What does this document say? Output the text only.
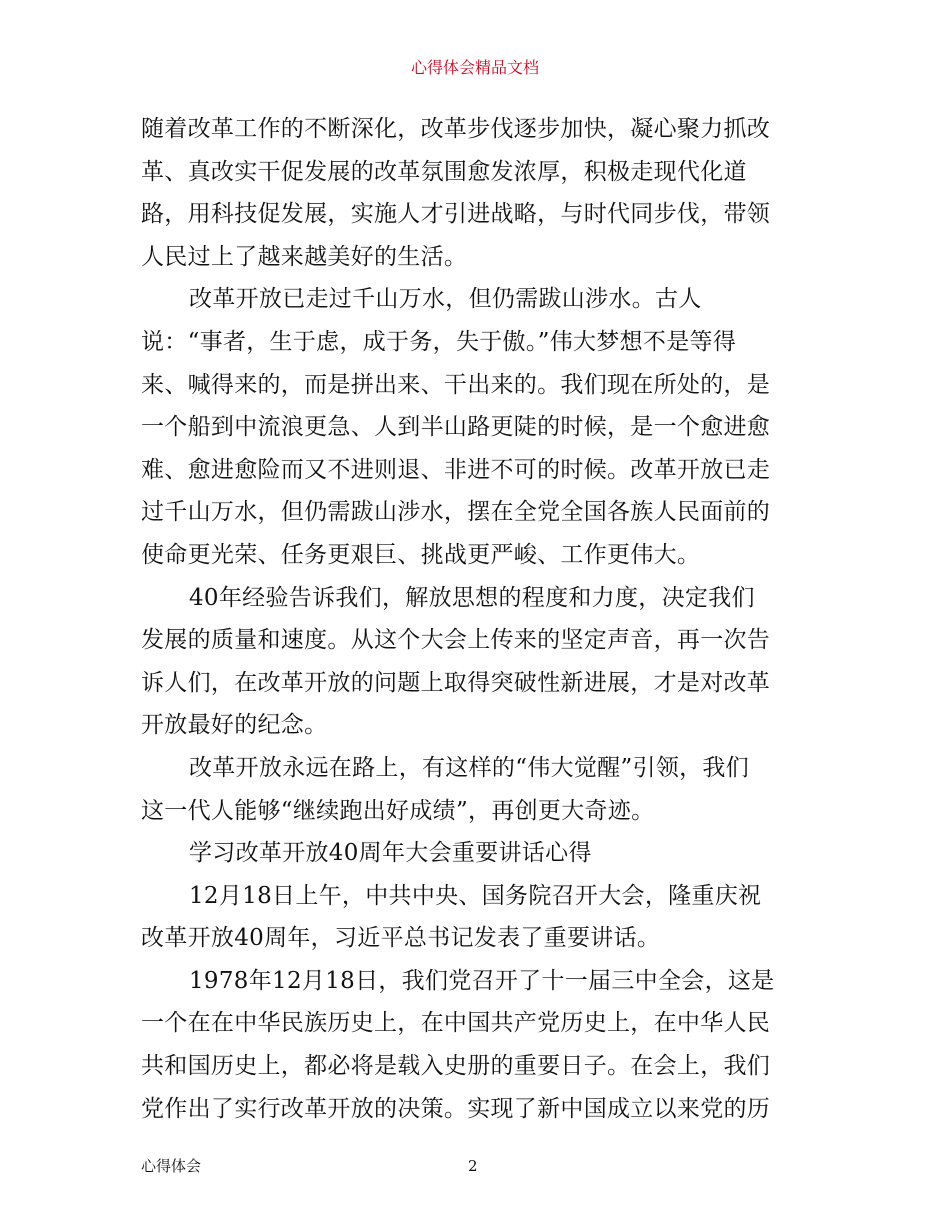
心得体会精品文档
随着改革工作的不断深化，改革步伐逐步加快，凝心聚力抓改
革、真改实干促发展的改革氛围愈发浓厚，积极走现代化道
路，用科技促发展，实施人才引进战略，与时代同步伐，带领
人民过上了越来越美好的生活。
改革开放已走过千山万水，但仍需跋山涉水。古人
说：“事者，生于虑，成于务，失于傲。”伟大梦想不是等得
来、喊得来的，而是拼出来、干出来的。我们现在所处的，是
一个船到中流浪更急、人到半山路更陡的时候，是一个愈进愈
难、愈进愈险而又不进则退、非进不可的时候。改革开放已走
过千山万水，但仍需跋山涉水，摆在全党全国各族人民面前的
使命更光荣、任务更艰巨、挑战更严峻、工作更伟大。
40年经验告诉我们，解放思想的程度和力度，决定我们
发展的质量和速度。从这个大会上传来的坚定声音，再一次告
诉人们，在改革开放的问题上取得突破性新进展，才是对改革
开放最好的纪念。
改革开放永远在路上，有这样的“伟大觉醒”引领，我们
这一代人能够“继续跑出好成绩”，再创更大奇迹。
学习改革开放40周年大会重要讲话心得
12月18日上午，中共中央、国务院召开大会，隆重庆祝
改革开放40周年，习近平总书记发表了重要讲话。
1978年12月18日，我们党召开了十一届三中全会，这是
一个在在中华民族历史上，在中国共产党历史上，在中华人民
共和国历史上，都必将是载入史册的重要日子。在会上，我们
党作出了实行改革开放的决策。实现了新中国成立以来党的历
心得体会	2
